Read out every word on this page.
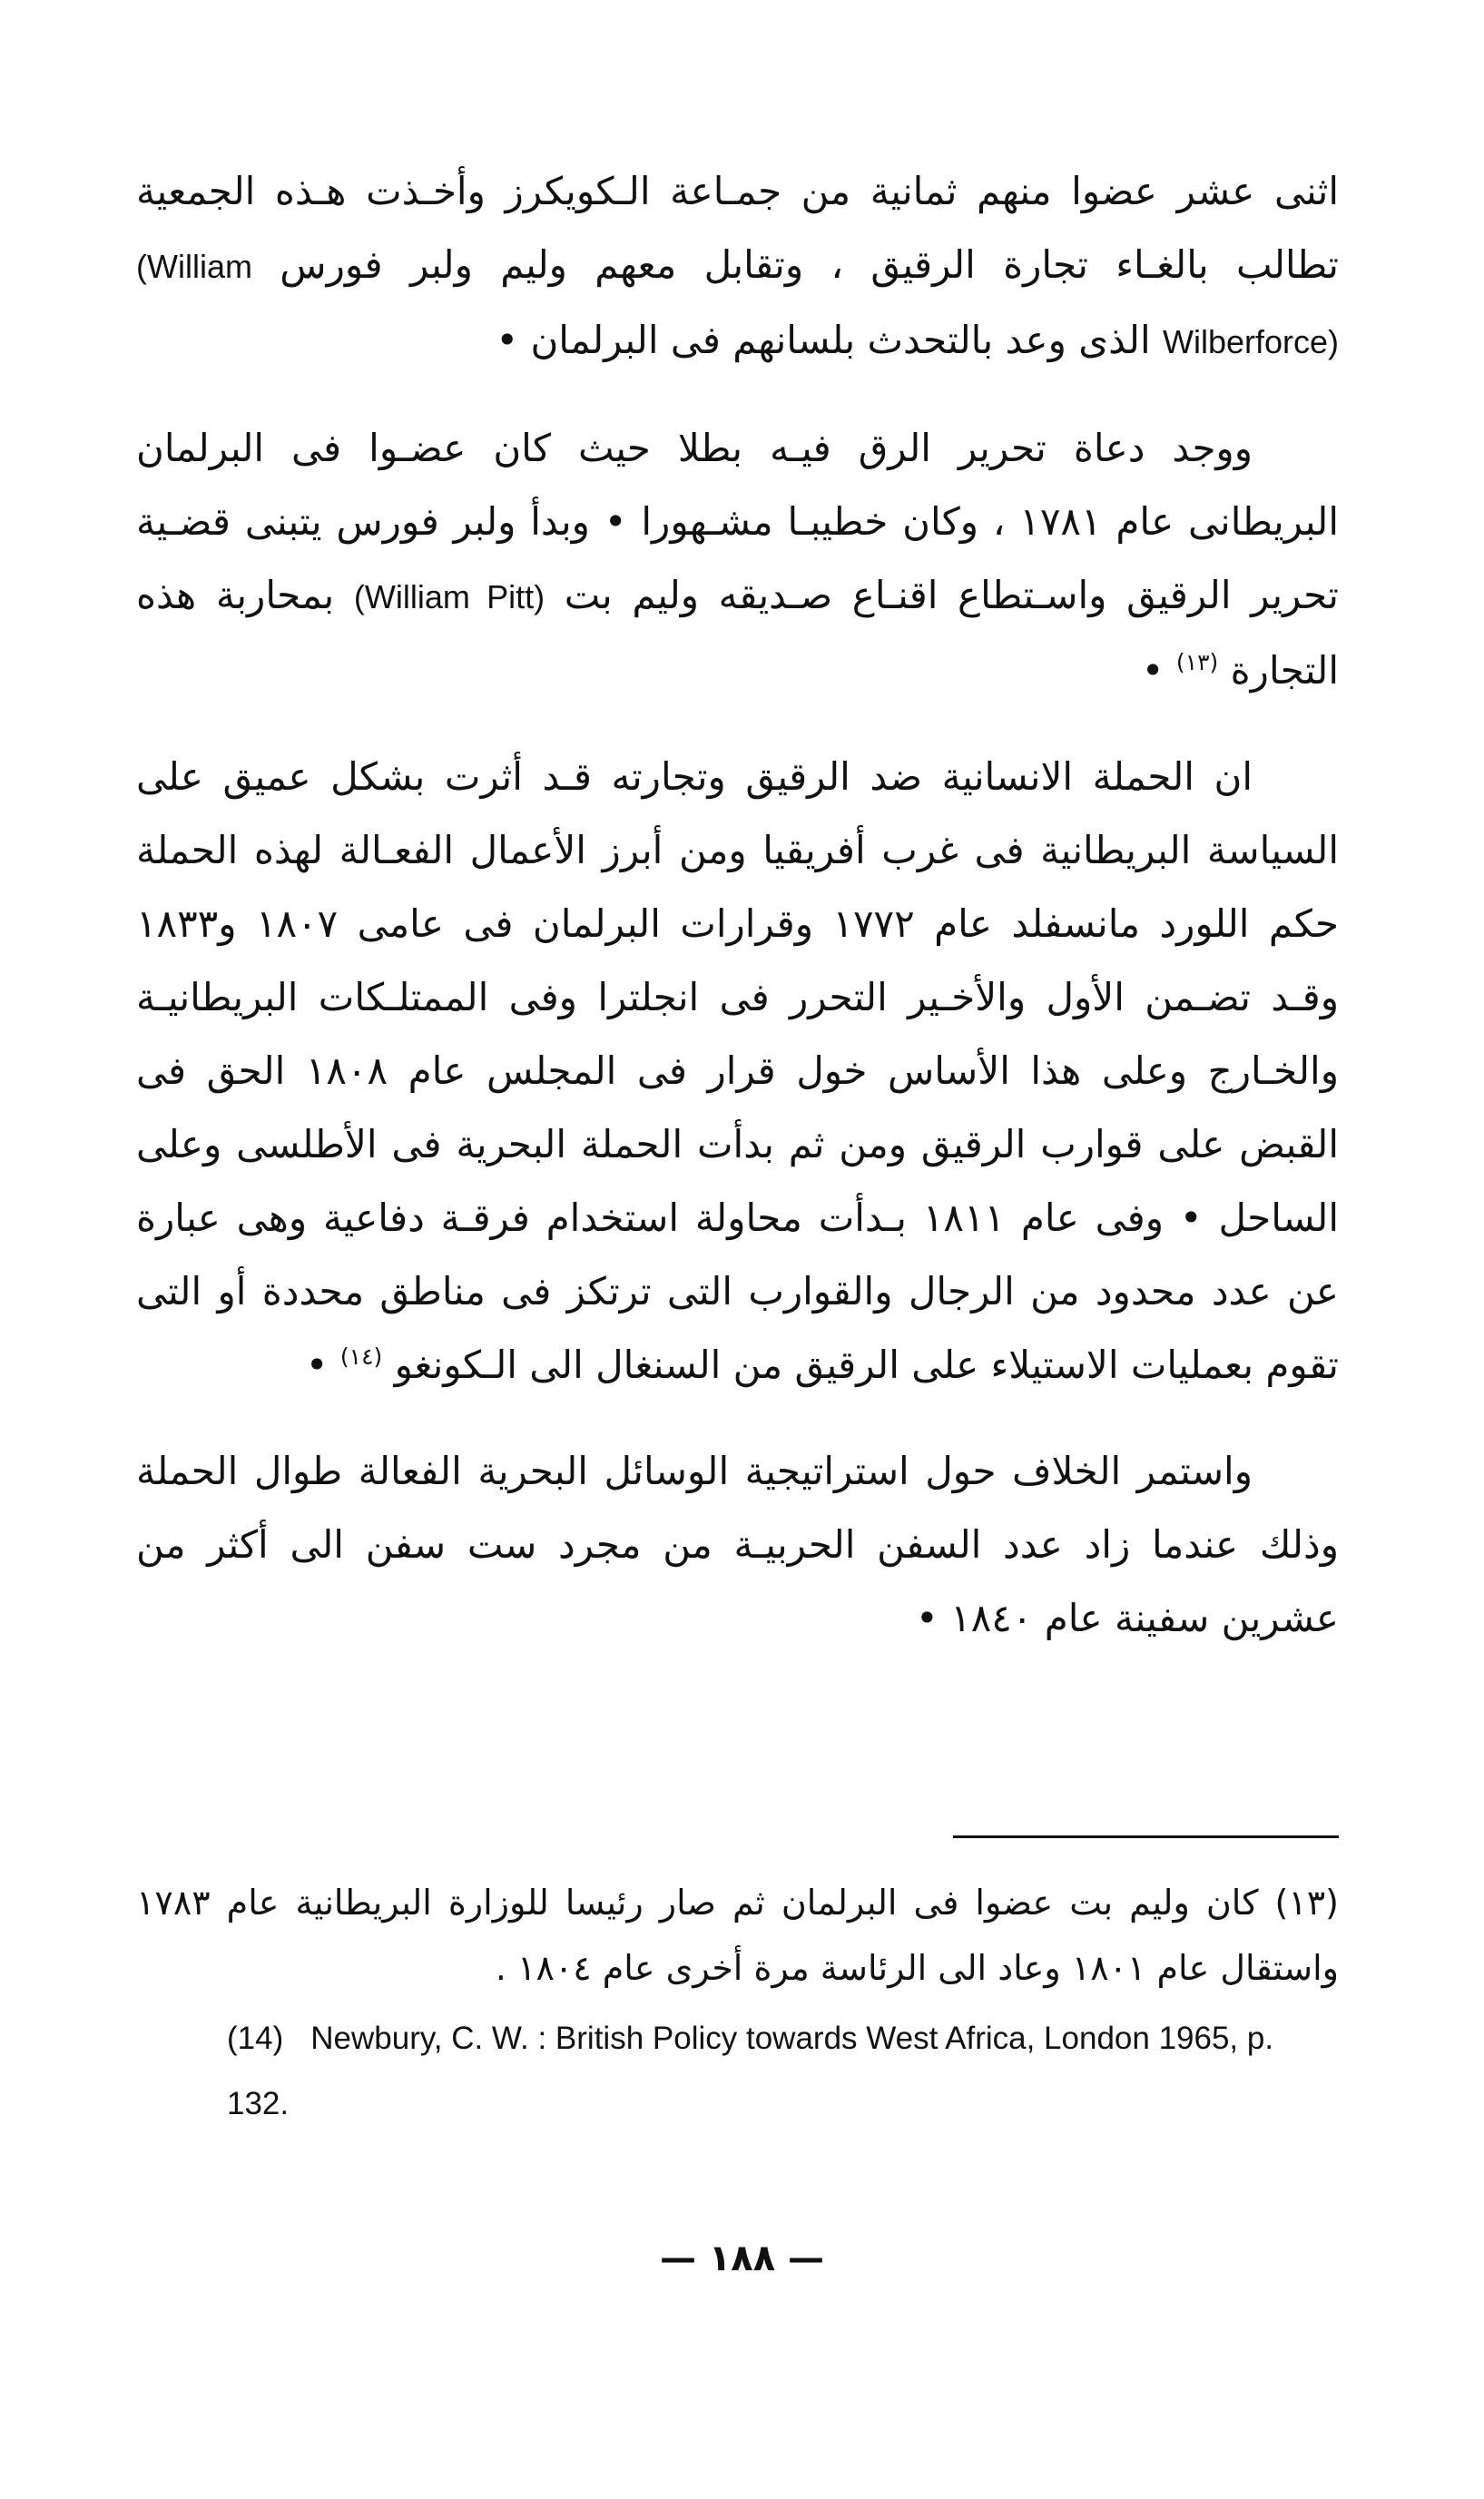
اثنى عشر عضوا منهم ثمانية من جمـاعة الـكويكرز وأخـذت هـذه الجمعية تطالب بالغـاء تجارة الرقيق ، وتقابل معهم وليم ولبر فورس (William Wilberforce) الذى وعد بالتحدث بلسانهم فى البرلمان •

ووجد دعاة تحرير الرق فيـه بطلا حيث كان عضـوا فى البرلمان البريطانى عام ١٧٨١ ، وكان خطيبـا مشـهورا • وبدأ ولبر فورس يتبنى قضـية تحرير الرقيق واسـتطاع اقنـاع صـديقه وليم بت (William Pitt) بمحاربة هذه التجارة $^{(١٣)}$ •

ان الحملة الانسانية ضد الرقيق وتجارته قـد أثرت بشكل عميق على السياسة البريطانية فى غرب أفريقيا ومن أبرز الأعمال الفعـالة لهذه الحملة حكم اللورد مانسفلد عام ١٧٧٢ وقرارات البرلمان فى عامى ١٨٠٧ و١٨٣٣ وقـد تضـمن الأول والأخـير التحرر فى انجلترا وفى الممتلـكات البريطانيـة والخـارج وعلى هذا الأساس خول قرار فى المجلس عام ١٨٠٨ الحق فى القبض على قوارب الرقيق ومن ثم بدأت الحملة البحرية فى الأطلسى وعلى الساحل • وفى عام ١٨١١ بـدأت محاولة استخدام فرقـة دفاعية وهى عبارة عن عدد محدود من الرجال والقوارب التى ترتكز فى مناطق محددة أو التى تقوم بعمليات الاستيلاء على الرقيق من السنغال الى الـكونغو $^{(١٤)}$ •

واستمر الخلاف حول استراتيجية الوسائل البحرية الفعالة طوال الحملة وذلك عندما زاد عدد السفن الحربيـة من مجرد ست سفن الى أكثر من عشرين سفينة عام ١٨٤٠ •

(١٣) كان وليم بت عضوا فى البرلمان ثم صار رئيسا للوزارة البريطانية عام ١٧٨٣ واستقال عام ١٨٠١ وعاد الى الرئاسة مرة أخرى عام ١٨٠٤ .

(14) Newbury, C. W. : British Policy towards West Africa, London 1965, p. 132.

— ١٨٨ —
